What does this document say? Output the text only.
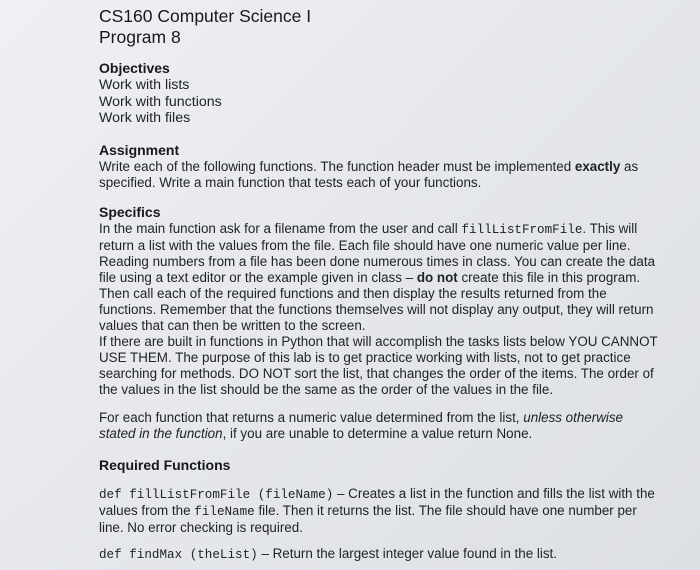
CS160 Computer Science I
Program 8
Objectives
Work with lists
Work with functions
Work with files
Assignment

Write each of the following functions. The function header must be implemented exactly as specified. Write a main function that tests each of your functions.

Specifics

In the main function ask for a filename from the user and call fillListFromFile. This will return a list with the values from the file. Each file should have one numeric value per line. Reading numbers from a file has been done numerous times in class. You can create the data file using a text editor or the example given in class – do not create this file in this program. Then call each of the required functions and then display the results returned from the functions. Remember that the functions themselves will not display any output, they will return values that can then be written to the screen.

If there are built in functions in Python that will accomplish the tasks lists below YOU CANNOT USE THEM. The purpose of this lab is to get practice working with lists, not to get practice searching for methods. DO NOT sort the list, that changes the order of the items. The order of the values in the list should be the same as the order of the values in the file.

For each function that returns a numeric value determined from the list, unless otherwise stated in the function, if you are unable to determine a value return None.

Required Functions

def fillListFromFile (fileName) – Creates a list in the function and fills the list with the values from the fileName file. Then it returns the list. The file should have one number per line. No error checking is required.

def findMax (theList) – Return the largest integer value found in the list.
